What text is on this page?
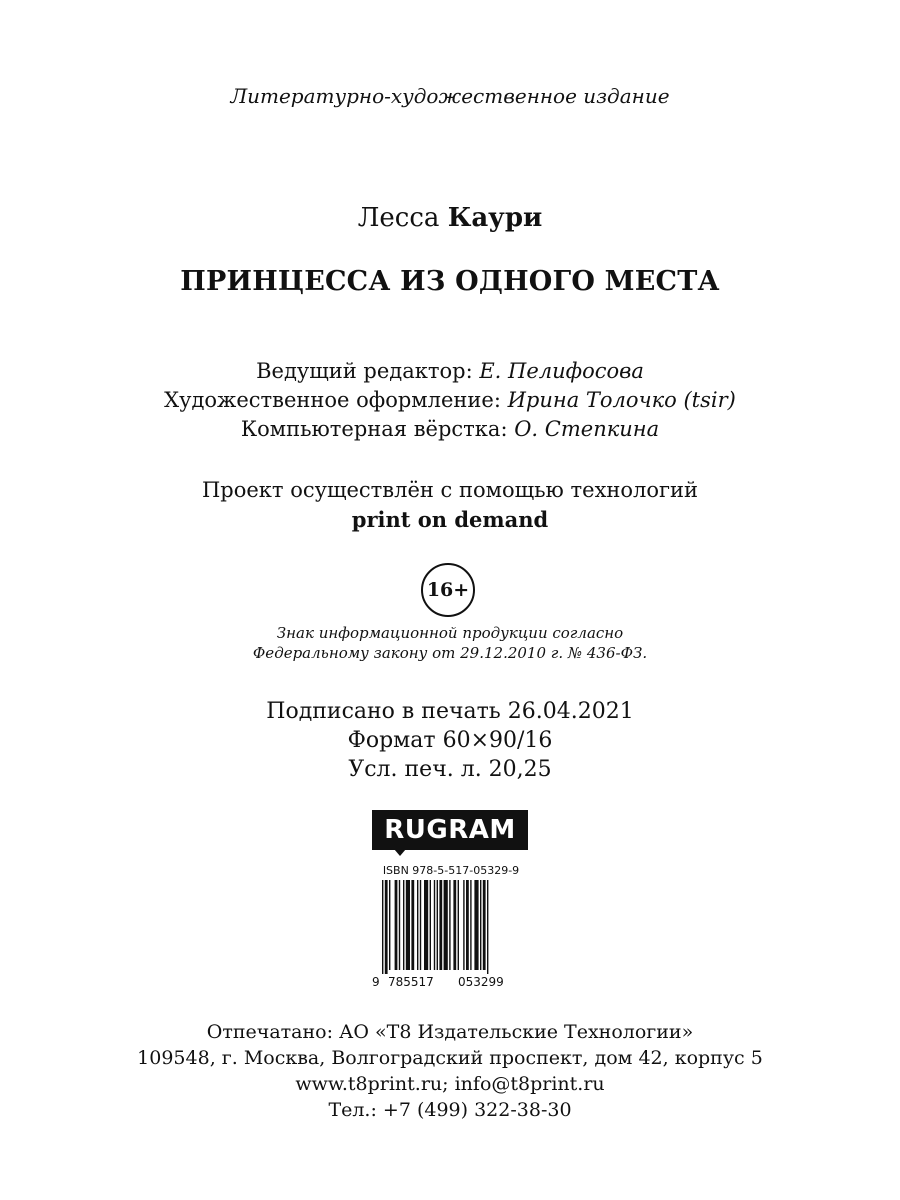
Литературно-художественное издание
Лесса Каури
ПРИНЦЕССА ИЗ ОДНОГО МЕСТА
Ведущий редактор: Е. Пелифосова
Художественное оформление: Ирина Толочко (tsir)
Компьютерная вёрстка: О. Степкина
Проект осуществлён с помощью технологий
print on demand
16+
Знак информационной продукции согласно
Федеральному закону от 29.12.2010 г. № 436-ФЗ.
Подписано в печать 26.04.2021
Формат 60×90/16
Усл. печ. л. 20,25
RUGRAM
ISBN 978-5-517-05329-9
9 785517 053299
Отпечатано: АО «Т8 Издательские Технологии»
109548, г. Москва, Волгоградский проспект, дом 42, корпус 5
www.t8print.ru; info@t8print.ru
Тел.: +7 (499) 322-38-30
